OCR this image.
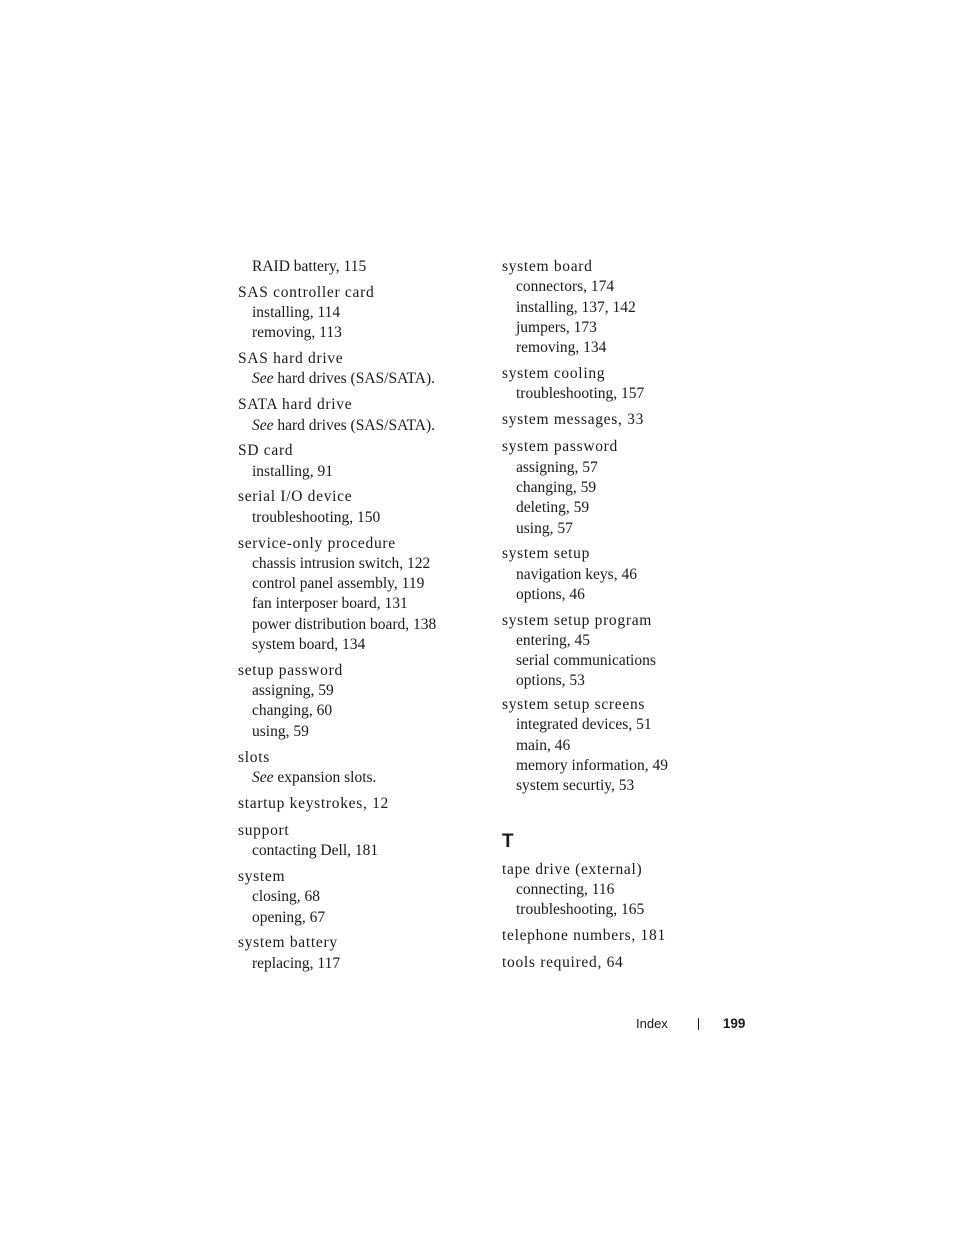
RAID battery, 115
SAS controller card
installing, 114
removing, 113
SAS hard drive
See hard drives (SAS/SATA).
SATA hard drive
See hard drives (SAS/SATA).
SD card
installing, 91
serial I/O device
troubleshooting, 150
service-only procedure
chassis intrusion switch, 122
control panel assembly, 119
fan interposer board, 131
power distribution board, 138
system board, 134
setup password
assigning, 59
changing, 60
using, 59
slots
See expansion slots.
startup keystrokes, 12
support
contacting Dell, 181
system
closing, 68
opening, 67
system battery
replacing, 117
system board
connectors, 174
installing, 137, 142
jumpers, 173
removing, 134
system cooling
troubleshooting, 157
system messages, 33
system password
assigning, 57
changing, 59
deleting, 59
using, 57
system setup
navigation keys, 46
options, 46
system setup program
entering, 45
serial communications
options, 53
system setup screens
integrated devices, 51
main, 46
memory information, 49
system securtiy, 53
T
tape drive (external)
connecting, 116
troubleshooting, 165
telephone numbers, 181
tools required, 64
Index	199
